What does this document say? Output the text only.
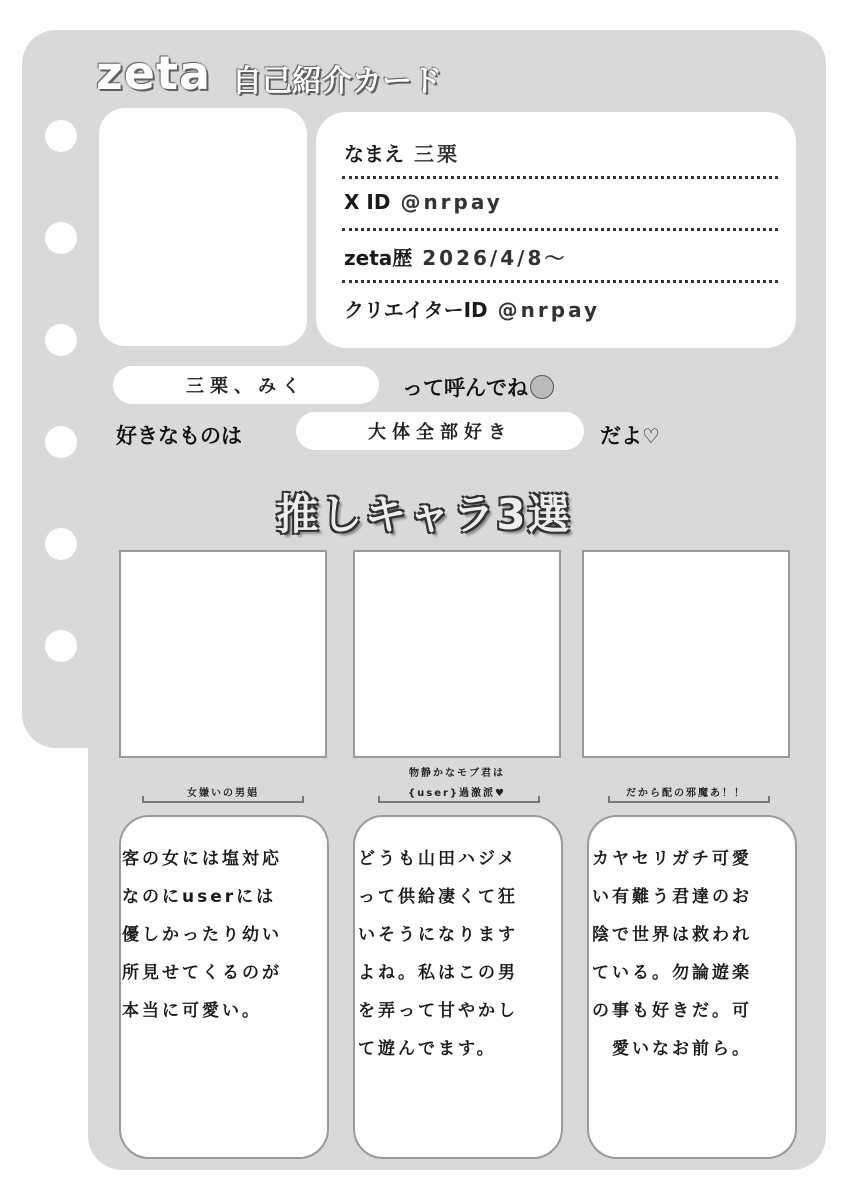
zeta 自己紹介カード
なまえ 三栗
X ID @nrpay
zeta歴 2026/4/8〜
クリエイターID @nrpay
三栗、みく	って呼んでね
好きなものは	大体全部好き	だよ♡
推しキャラ3選
女嫌いの男娼
物静かなモブ君は
{user}過激派♥	だから配の邪魔あ！！
客の女には塩対応
なのにuserには
優しかったり幼い
所見せてくるのが
本当に可愛い。
どうも山田ハジメ
って供給凄くて狂
いそうになります
よね。私はこの男
を弄って甘やかし
て遊んでます。
カヤセリガチ可愛
い有難う君達のお
陰で世界は救われ
ている。勿論遊楽
の事も好きだ。可
　愛いなお前ら。
